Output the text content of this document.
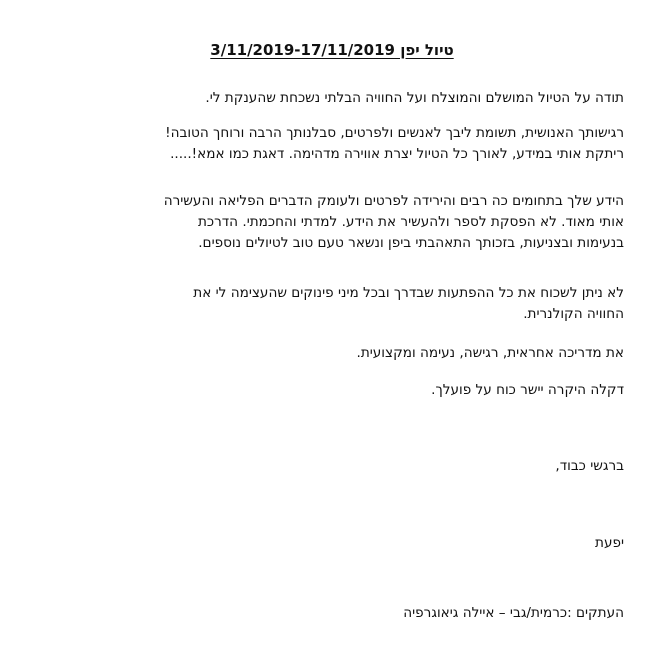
טיול יפן 3/11/2019-17/11/2019

תודה על הטיול המושלם והמוצלח ועל החוויה הבלתי נשכחת שהענקת לי.

רגישותך האנושית, תשומת ליבך לאנשים ולפרטים, סבלנותך הרבה ורוחך הטובה!
ריתקת אותי במידע, לאורך כל הטיול יצרת אווירה מדהימה. דאגת כמו אמא!.....

הידע שלך בתחומים כה רבים והירידה לפרטים ולעומק הדברים הפליאה והעשירה
אותי מאוד. לא הפסקת לספר ולהעשיר את הידע. למדתי והחכמתי. הדרכת
בנעימות ובצניעות, בזכותך התאהבתי ביפן ונשאר טעם טוב לטיולים נוספים.

לא ניתן לשכוח את כל ההפתעות שבדרך ובכל מיני פינוקים שהעצימה לי את
החוויה הקולנרית.

את מדריכה אחראית, רגישה, נעימה ומקצועית.

דקלה היקרה יישר כוח על פועלך.

ברגשי כבוד,

יפעת

העתקים :כרמית/גבי – איילה גיאוגרפיה
